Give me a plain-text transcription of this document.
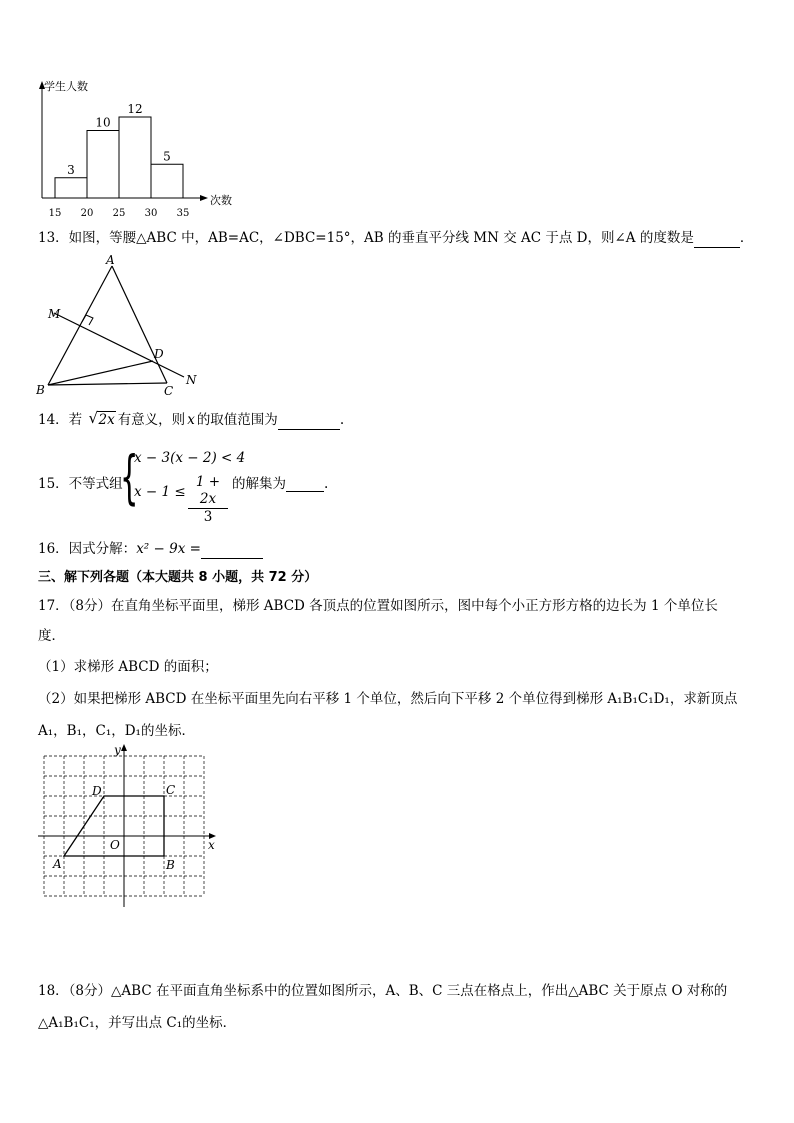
学生人数
次数
3
10
12
5
15 20 25 30 35
13．如图，等腰△ABC 中，AB=AC，∠DBC=15°，AB 的垂直平分线 MN 交 AC 于点 D，则∠A 的度数是	．
A
M
D
B	C
N
14．若 √ 2x 有意义，则 x 的取值范围为	.
15．不等式组
{
x − 3(x − 2) < 4
x − 1 ≤
1 + 2x
3
的解集为	.
16．因式分解：x² − 9x =
三、解下列各题（本大题共 8 小题，共 72 分）
17．（8分）在直角坐标平面里，梯形 ABCD 各顶点的位置如图所示，图中每个小正方形方格的边长为 1 个单位长
度．
（1）求梯形 ABCD 的面积；
（2）如果把梯形 ABCD 在坐标平面里先向右平移 1 个单位，然后向下平移 2 个单位得到梯形 A₁B₁C₁D₁，求新顶点
A₁，B₁，C₁，D₁的坐标．
y
x
O
A	B
C
D
18．（8分）△ABC 在平面直角坐标系中的位置如图所示，A、B、C 三点在格点上，作出△ABC 关于原点 O 对称的
△A₁B₁C₁，并写出点 C₁的坐标．
